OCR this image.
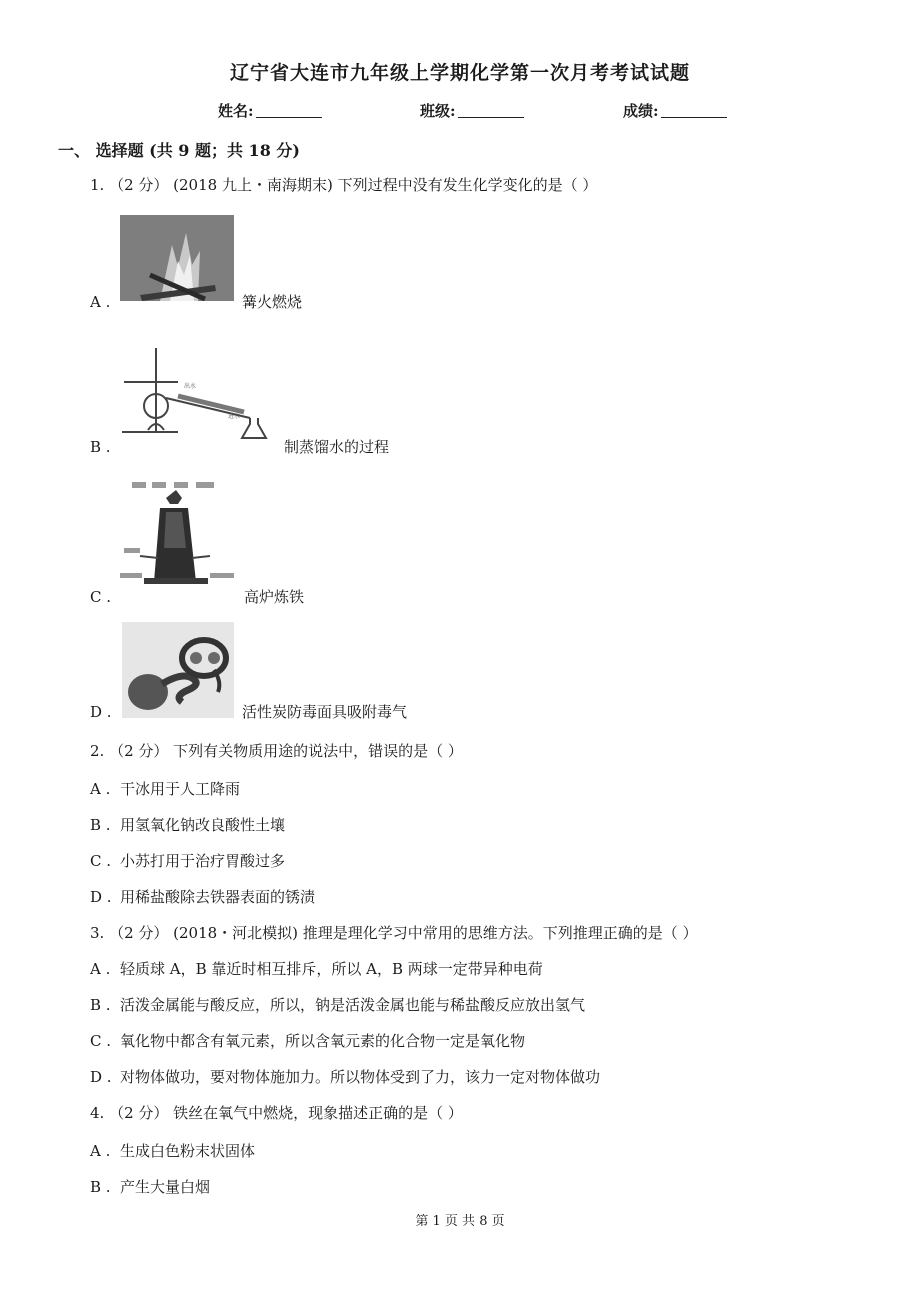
辽宁省大连市九年级上学期化学第一次月考考试试题
姓名:	班级:	成绩:
一、 选择题 (共 9 题；共 18 分)
1. （2 分） (2018 九上・南海期末) 下列过程中没有发生化学变化的是（ ）
A .	篝火燃烧
出水
进水
B .	制蒸馏水的过程
C .	高炉炼铁
D .	活性炭防毒面具吸附毒气
2. （2 分） 下列有关物质用途的说法中，错误的是（ ）
A . 干冰用于人工降雨
B . 用氢氧化钠改良酸性土壤
C . 小苏打用于治疗胃酸过多
D . 用稀盐酸除去铁器表面的锈渍
3. （2 分） (2018・河北模拟) 推理是理化学习中常用的思维方法。下列推理正确的是（ ）
A . 轻质球 A，B 靠近时相互排斥，所以 A，B 两球一定带异种电荷
B . 活泼金属能与酸反应，所以，钠是活泼金属也能与稀盐酸反应放出氢气
C . 氧化物中都含有氧元素，所以含氧元素的化合物一定是氧化物
D . 对物体做功，要对物体施加力。所以物体受到了力，该力一定对物体做功
4. （2 分） 铁丝在氧气中燃烧，现象描述正确的是（ ）
A . 生成白色粉末状固体
B . 产生大量白烟
第 1 页 共 8 页
